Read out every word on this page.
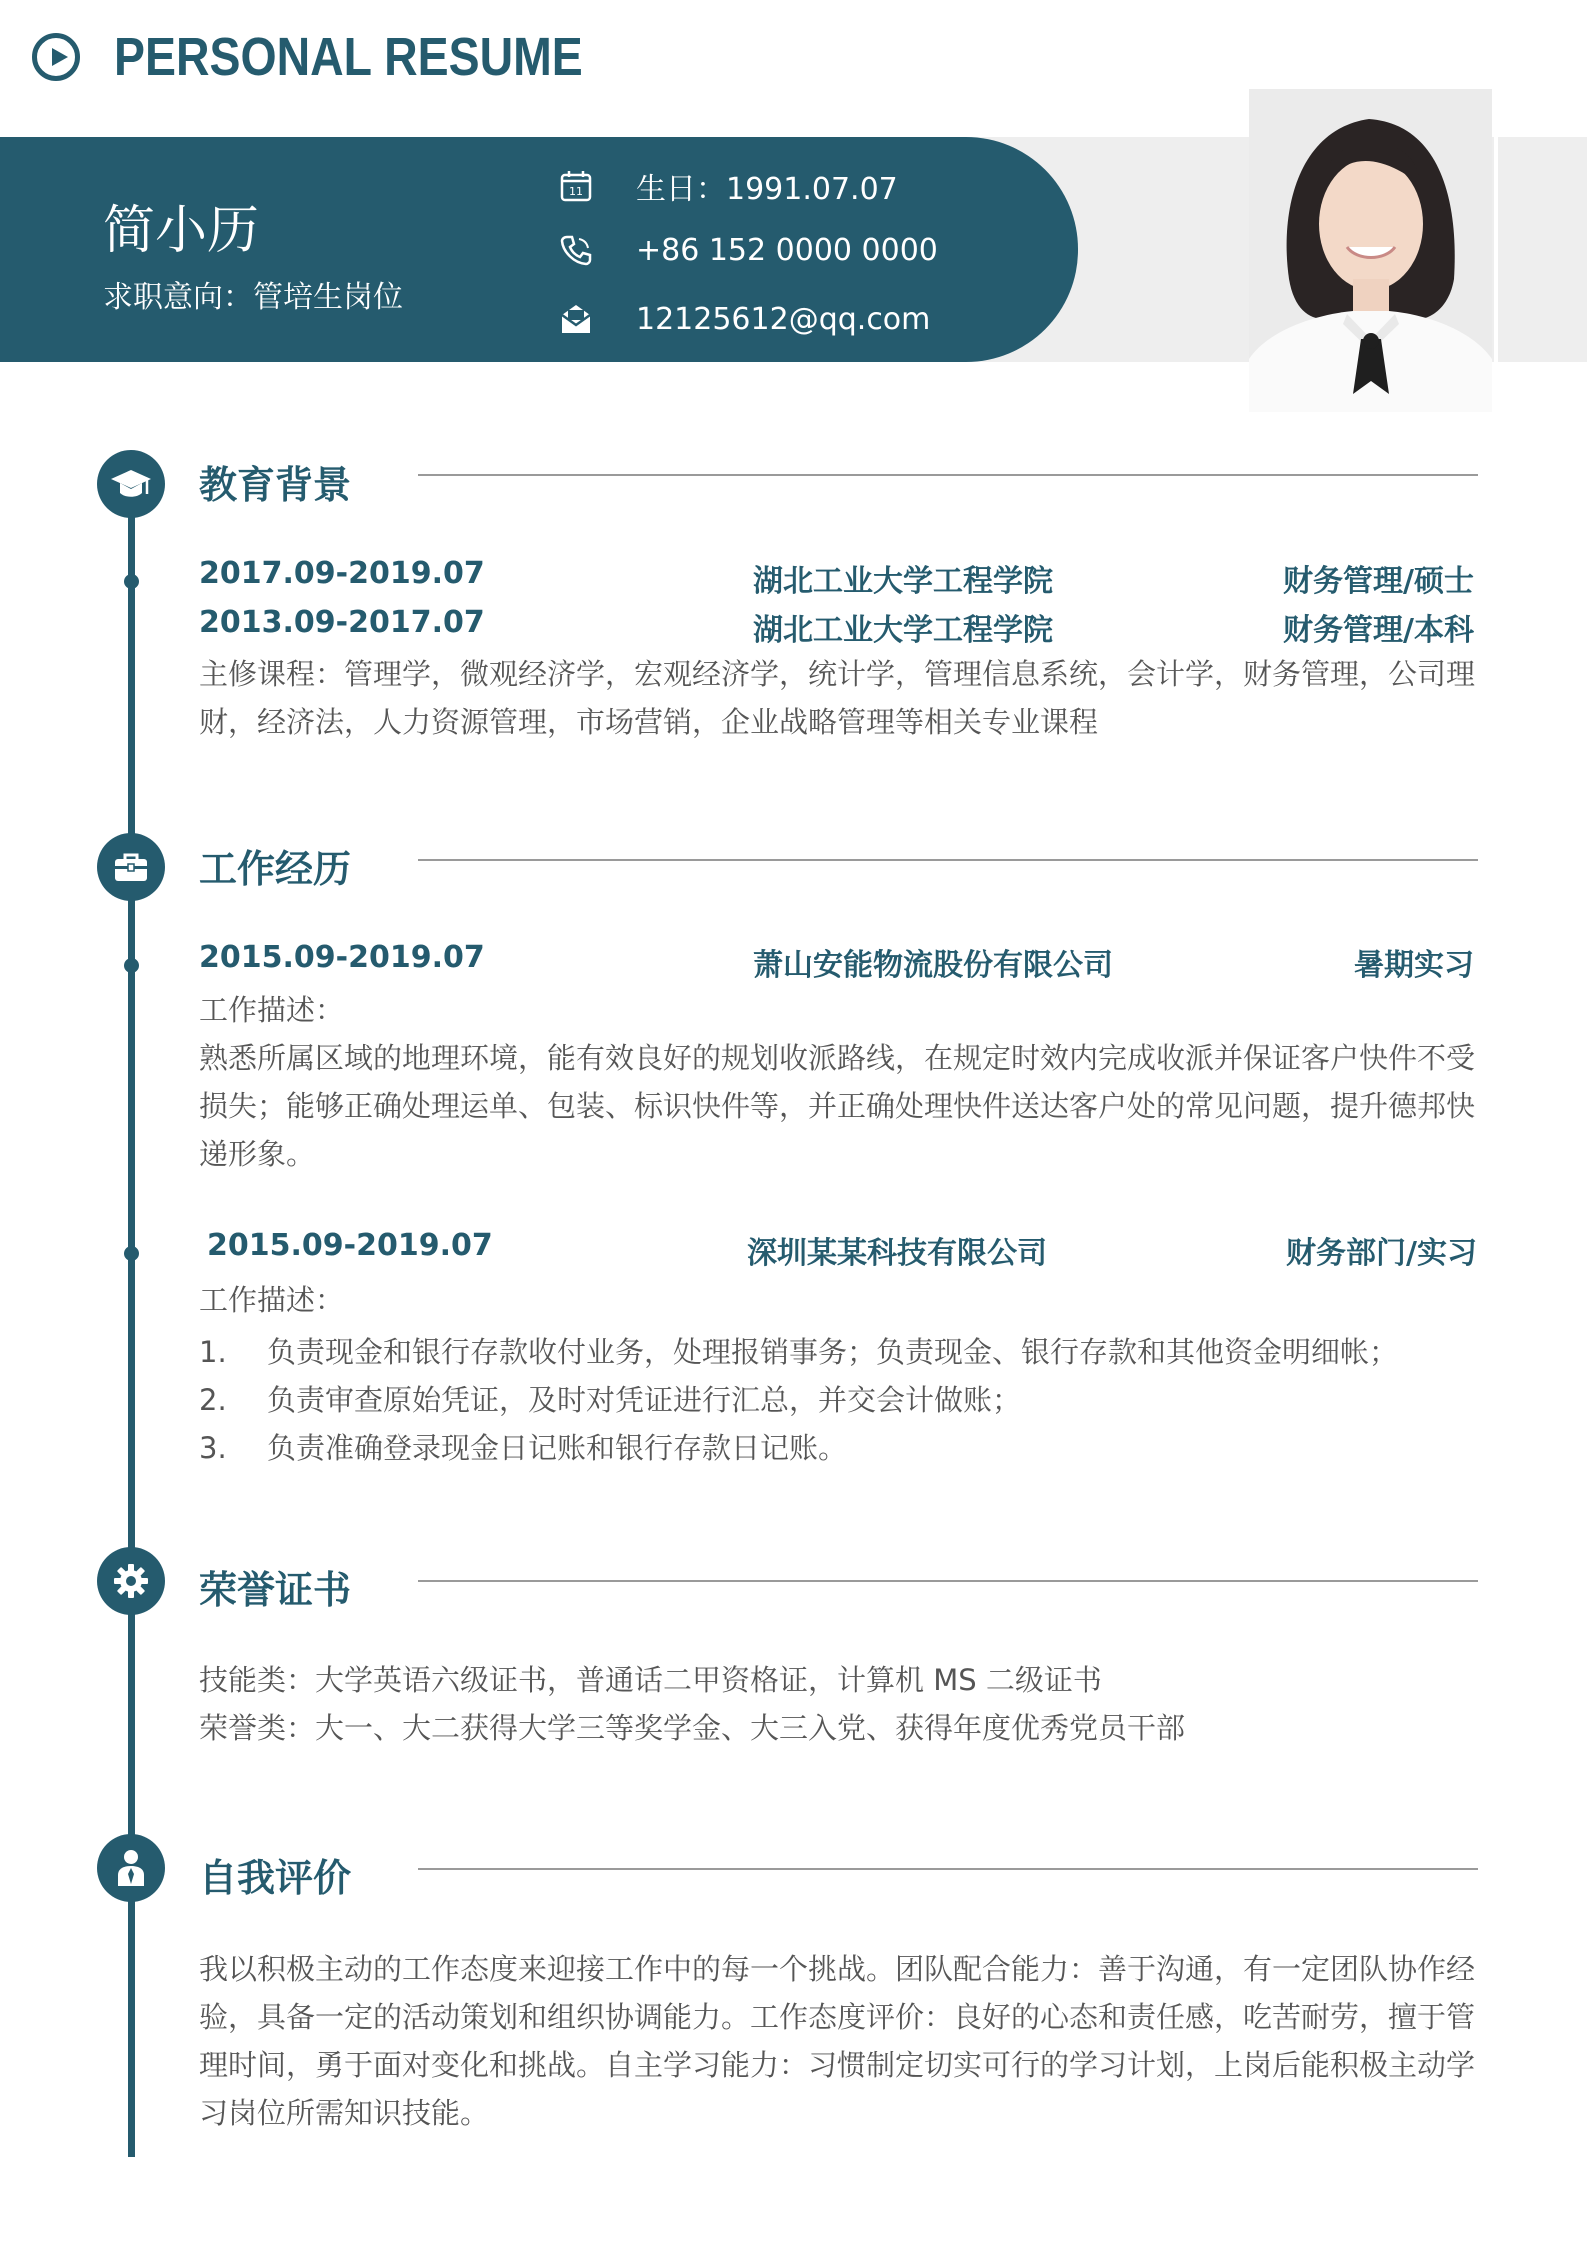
PERSONAL RESUME
简小历
求职意向：管培生岗位
11 生日：1991.07.07
+86 152 0000 0000
12125612@qq.com
教育背景
2017.09-2019.07	湖北工业大学工程学院	财务管理/硕士
2013.09-2017.07	湖北工业大学工程学院	财务管理/本科
主修课程：管理学，微观经济学，宏观经济学，统计学，管理信息系统，会计学，财务管理，公司理
财，经济法，人力资源管理，市场营销，企业战略管理等相关专业课程
工作经历
2015.09-2019.07	萧山安能物流股份有限公司	暑期实习
工作描述：
熟悉所属区域的地理环境，能有效良好的规划收派路线，在规定时效内完成收派并保证客户快件不受
损失；能够正确处理运单、包装、标识快件等，并正确处理快件送达客户处的常见问题，提升德邦快
递形象。
2015.09-2019.07	深圳某某科技有限公司	财务部门/实习
工作描述：
1. 负责现金和银行存款收付业务，处理报销事务；负责现金、银行存款和其他资金明细帐；
2. 负责审查原始凭证，及时对凭证进行汇总，并交会计做账；
3. 负责准确登录现金日记账和银行存款日记账。
荣誉证书
技能类：大学英语六级证书，普通话二甲资格证，计算机 MS 二级证书
荣誉类：大一、大二获得大学三等奖学金、大三入党、获得年度优秀党员干部
自我评价
我以积极主动的工作态度来迎接工作中的每一个挑战。团队配合能力：善于沟通，有一定团队协作经
验，具备一定的活动策划和组织协调能力。工作态度评价：良好的心态和责任感，吃苦耐劳，擅于管
理时间，勇于面对变化和挑战。自主学习能力：习惯制定切实可行的学习计划，上岗后能积极主动学
习岗位所需知识技能。
